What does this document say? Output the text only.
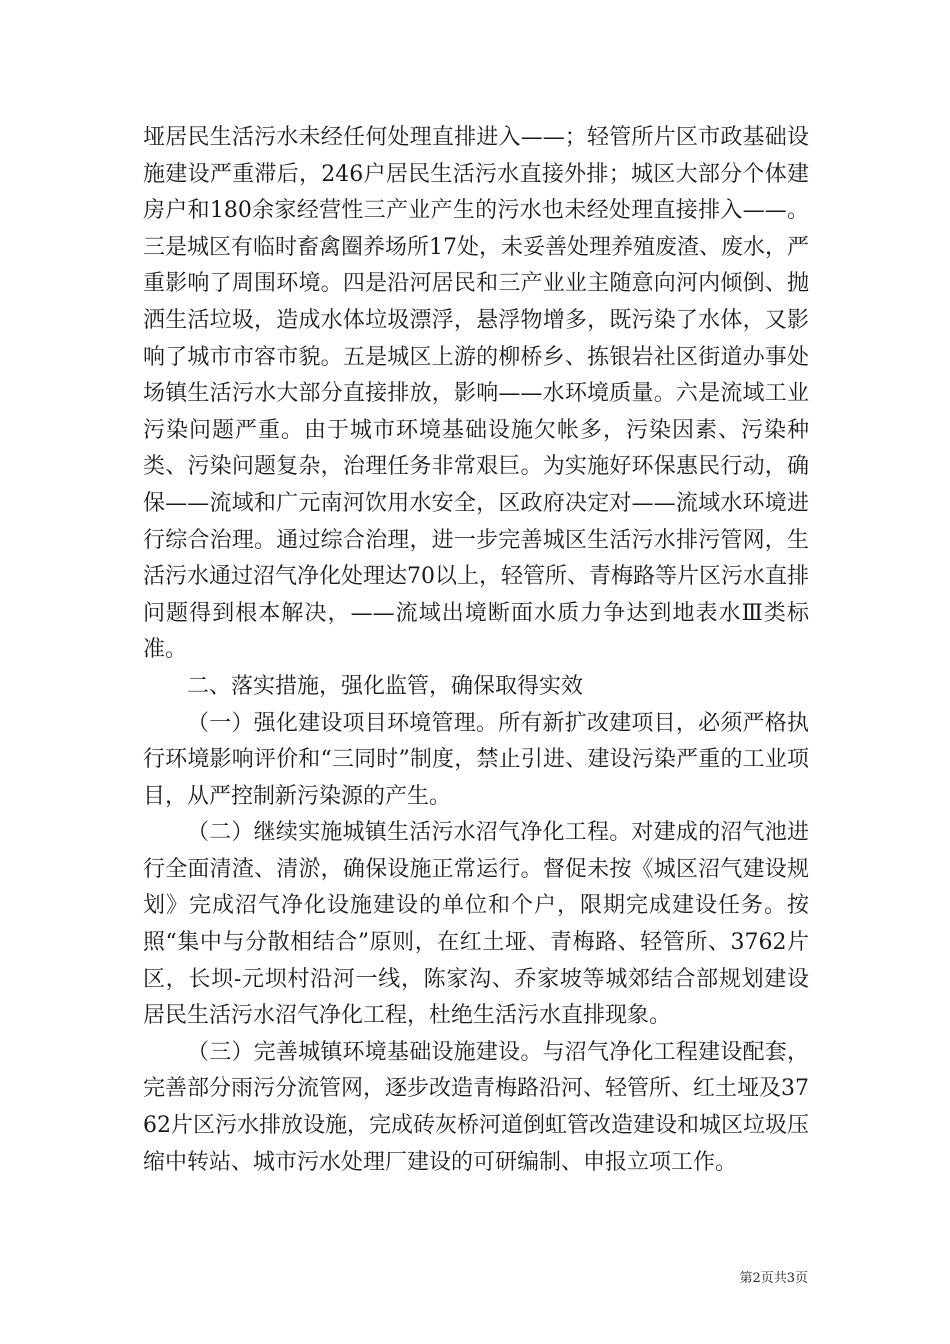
垭居民生活污水未经任何处理直排进入——；轻管所片区市政基础设施建设严重滞后，246户居民生活污水直接外排；城区大部分个体建房户和180余家经营性三产业产生的污水也未经处理直接排入——。三是城区有临时畜禽圈养场所17处，未妥善处理养殖废渣、废水，严重影响了周围环境。四是沿河居民和三产业业主随意向河内倾倒、抛洒生活垃圾，造成水体垃圾漂浮，悬浮物增多，既污染了水体，又影响了城市市容市貌。五是城区上游的柳桥乡、拣银岩社区街道办事处场镇生活污水大部分直接排放，影响——水环境质量。六是流域工业污染问题严重。由于城市环境基础设施欠帐多，污染因素、污染种类、污染问题复杂，治理任务非常艰巨。为实施好环保惠民行动，确保——流域和广元南河饮用水安全，区政府决定对——流域水环境进行综合治理。通过综合治理，进一步完善城区生活污水排污管网，生活污水通过沼气净化处理达70以上，轻管所、青梅路等片区污水直排问题得到根本解决，——流域出境断面水质力争达到地表水Ⅲ类标准。

二、落实措施，强化监管，确保取得实效

（一）强化建设项目环境管理。所有新扩改建项目，必须严格执行环境影响评价和“三同时”制度，禁止引进、建设污染严重的工业项目，从严控制新污染源的产生。

（二）继续实施城镇生活污水沼气净化工程。对建成的沼气池进行全面清渣、清淤，确保设施正常运行。督促未按《城区沼气建设规划》完成沼气净化设施建设的单位和个户，限期完成建设任务。按照“集中与分散相结合”原则，在红土垭、青梅路、轻管所、3762片区，长坝-元坝村沿河一线，陈家沟、乔家坡等城郊结合部规划建设居民生活污水沼气净化工程，杜绝生活污水直排现象。

（三）完善城镇环境基础设施建设。与沼气净化工程建设配套，完善部分雨污分流管网，逐步改造青梅路沿河、轻管所、红土垭及3762片区污水排放设施，完成砖灰桥河道倒虹管改造建设和城区垃圾压缩中转站、城市污水处理厂建设的可研编制、申报立项工作。

第2页共3页
